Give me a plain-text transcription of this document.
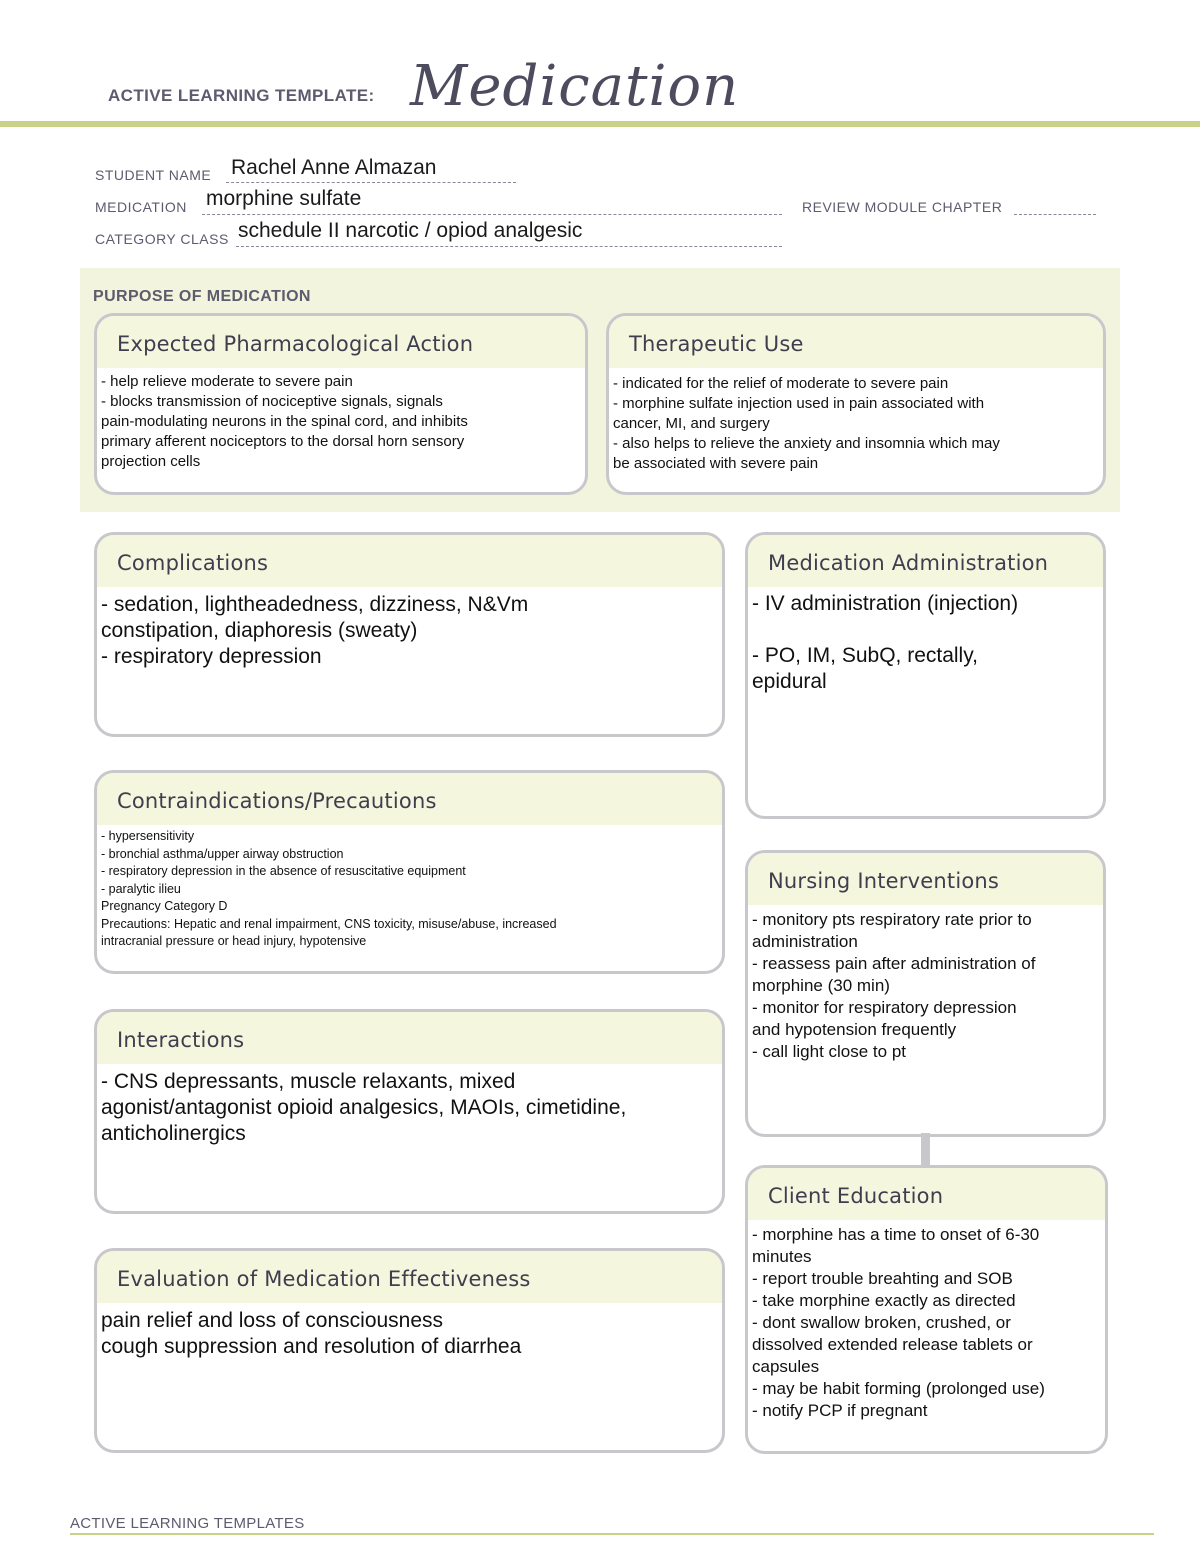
ACTIVE LEARNING TEMPLATE: Medication
STUDENT NAME Rachel Anne Almazan
MEDICATION morphine sulfate	REVIEW MODULE CHAPTER
CATEGORY CLASS schedule II narcotic / opiod analgesic
PURPOSE OF MEDICATION
Expected Pharmacological Action
- help relieve moderate to severe pain
- blocks transmission of nociceptive signals, signals
pain-modulating neurons in the spinal cord, and inhibits
primary afferent nociceptors to the dorsal horn sensory
projection cells
Therapeutic Use
- indicated for the relief of moderate to severe pain
- morphine sulfate injection used in pain associated with
cancer, MI, and surgery
- also helps to relieve the anxiety and insomnia which may
be associated with severe pain
Complications
- sedation, lightheadedness, dizziness, N&Vm
constipation, diaphoresis (sweaty)
- respiratory depression
Medication Administration
- IV administration (injection)

- PO, IM, SubQ, rectally,
epidural
Contraindications/Precautions
- hypersensitivity
- bronchial asthma/upper airway obstruction
- respiratory depression in the absence of resuscitative equipment
- paralytic ilieu
Pregnancy Category D
Precautions: Hepatic and renal impairment, CNS toxicity, misuse/abuse, increased
intracranial pressure or head injury, hypotensive
Nursing Interventions
- monitory pts respiratory rate prior to
administration
- reassess pain after administration of
morphine (30 min)
- monitor for respiratory depression
and hypotension frequently
- call light close to pt
Interactions
- CNS depressants, muscle relaxants, mixed
agonist/antagonist opioid analgesics, MAOIs, cimetidine,
anticholinergics
Client Education
- morphine has a time to onset of 6-30
minutes
- report trouble breahting and SOB
- take morphine exactly as directed
- dont swallow broken, crushed, or
dissolved extended release tablets or
capsules
- may be habit forming (prolonged use)
- notify PCP if pregnant
Evaluation of Medication Effectiveness
pain relief and loss of consciousness
cough suppression and resolution of diarrhea
ACTIVE LEARNING TEMPLATES
